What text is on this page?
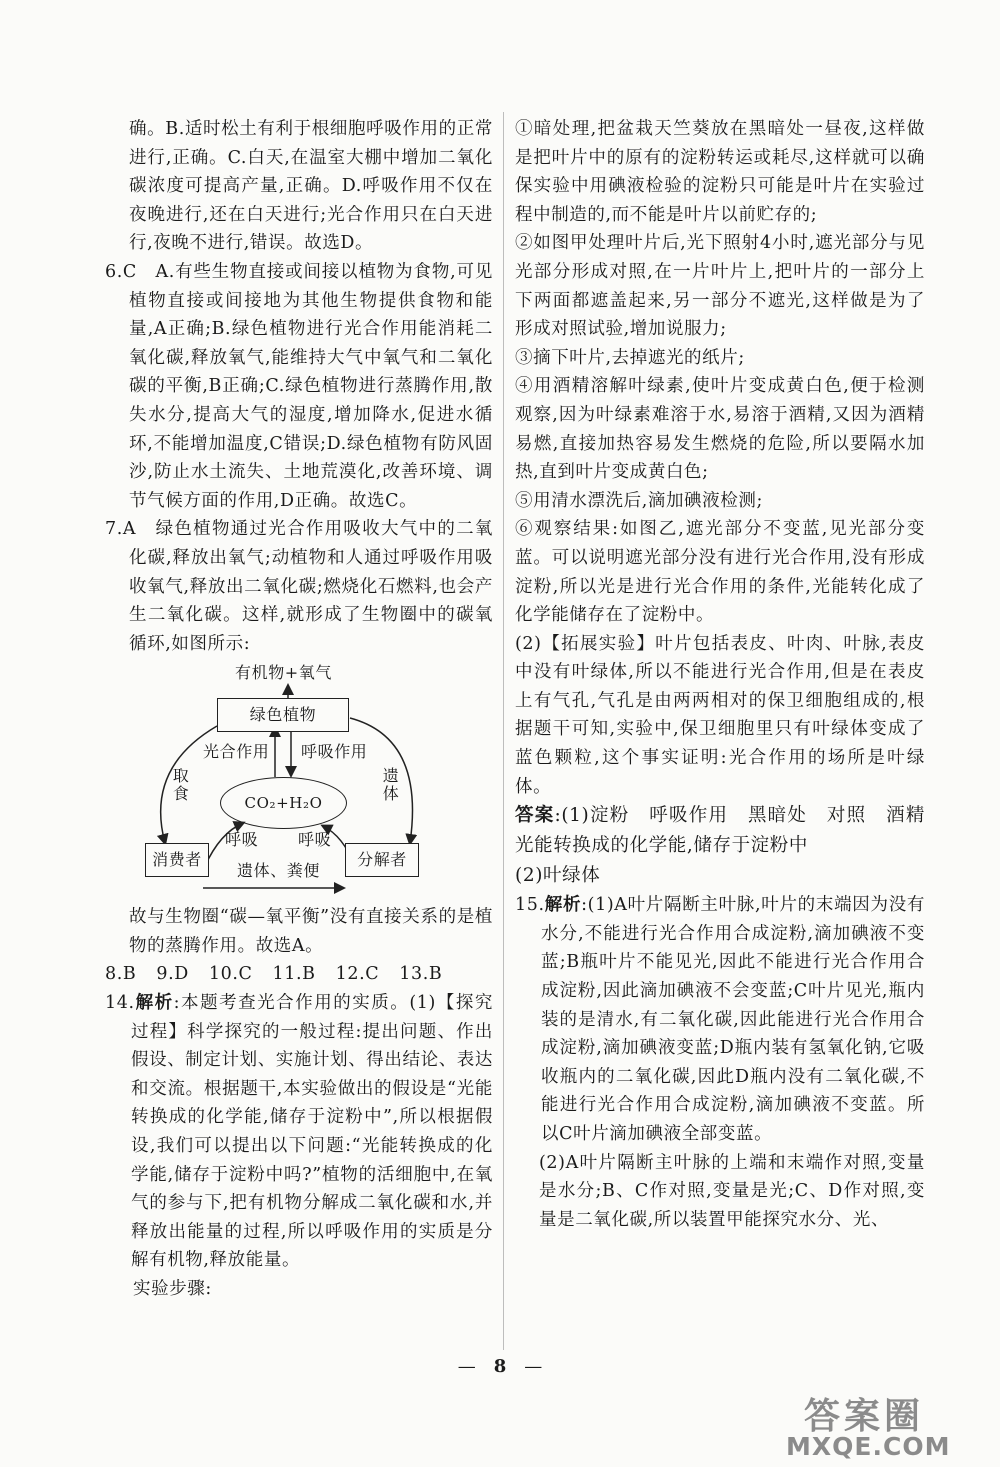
确。B.适时松土有利于根细胞呼吸作用的正常进行,正确。C.白天,在温室大棚中增加二氧化碳浓度可提高产量,正确。D.呼吸作用不仅在夜晚进行,还在白天进行;光合作用只在白天进行,夜晚不进行,错误。故选D。

6.C　A.有些生物直接或间接以植物为食物,可见植物直接或间接地为其他生物提供食物和能量,A正确;B.绿色植物进行光合作用能消耗二氧化碳,释放氧气,能维持大气中氧气和二氧化碳的平衡,B正确;C.绿色植物进行蒸腾作用,散失水分,提高大气的湿度,增加降水,促进水循环,不能增加温度,C错误;D.绿色植物有防风固沙,防止水土流失、土地荒漠化,改善环境、调节气候方面的作用,D正确。故选C。

7.A　绿色植物通过光合作用吸收大气中的二氧化碳,释放出氧气;动植物和人通过呼吸作用吸收氧气,释放出二氧化碳;燃烧化石燃料,也会产生二氧化碳。这样,就形成了生物圈中的碳氧循环,如图所示:

有机物+氧气
绿色植物
光合作用 呼吸作用
取食
遗体
CO₂+H₂O
消费者	分解者
呼吸 呼吸
遗体、粪便

故与生物圈“碳—氧平衡”没有直接关系的是植物的蒸腾作用。故选A。

8.B 9.D 10.C 11.B 12.C 13.B

14.解析:本题考查光合作用的实质。(1)【探究过程】科学探究的一般过程:提出问题、作出假设、制定计划、实施计划、得出结论、表达和交流。根据题干,本实验做出的假设是“光能转换成的化学能,储存于淀粉中”,所以根据假设,我们可以提出以下问题:“光能转换成的化学能,储存于淀粉中吗?”植物的活细胞中,在氧气的参与下,把有机物分解成二氧化碳和水,并释放出能量的过程,所以呼吸作用的实质是分解有机物,释放能量。

实验步骤:

①暗处理,把盆栽天竺葵放在黑暗处一昼夜,这样做是把叶片中的原有的淀粉转运或耗尽,这样就可以确保实验中用碘液检验的淀粉只可能是叶片在实验过程中制造的,而不能是叶片以前贮存的;

②如图甲处理叶片后,光下照射4小时,遮光部分与见光部分形成对照,在一片叶片上,把叶片的一部分上下两面都遮盖起来,另一部分不遮光,这样做是为了形成对照试验,增加说服力;

③摘下叶片,去掉遮光的纸片;

④用酒精溶解叶绿素,使叶片变成黄白色,便于检测观察,因为叶绿素难溶于水,易溶于酒精,又因为酒精易燃,直接加热容易发生燃烧的危险,所以要隔水加热,直到叶片变成黄白色;

⑤用清水漂洗后,滴加碘液检测;

⑥观察结果:如图乙,遮光部分不变蓝,见光部分变蓝。可以说明遮光部分没有进行光合作用,没有形成淀粉,所以光是进行光合作用的条件,光能转化成了化学能储存在了淀粉中。

(2)【拓展实验】叶片包括表皮、叶肉、叶脉,表皮中没有叶绿体,所以不能进行光合作用,但是在表皮上有气孔,气孔是由两两相对的保卫细胞组成的,根据题干可知,实验中,保卫细胞里只有叶绿体变成了蓝色颗粒,这个事实证明:光合作用的场所是叶绿体。

答案:(1)淀粉　呼吸作用　黑暗处　对照　酒精　光能转换成的化学能,储存于淀粉中

(2)叶绿体

15.解析:(1)A叶片隔断主叶脉,叶片的末端因为没有水分,不能进行光合作用合成淀粉,滴加碘液不变蓝;B瓶叶片不能见光,因此不能进行光合作用合成淀粉,因此滴加碘液不会变蓝;C叶片见光,瓶内装的是清水,有二氧化碳,因此能进行光合作用合成淀粉,滴加碘液变蓝;D瓶内装有氢氧化钠,它吸收瓶内的二氧化碳,因此D瓶内没有二氧化碳,不能进行光合作用合成淀粉,滴加碘液不变蓝。所以C叶片滴加碘液全部变蓝。

(2)A叶片隔断主叶脉的上端和末端作对照,变量是水分;B、C作对照,变量是光;C、D作对照,变量是二氧化碳,所以装置甲能探究水分、光、

—　8　—
答案圈
MXQE.COM
